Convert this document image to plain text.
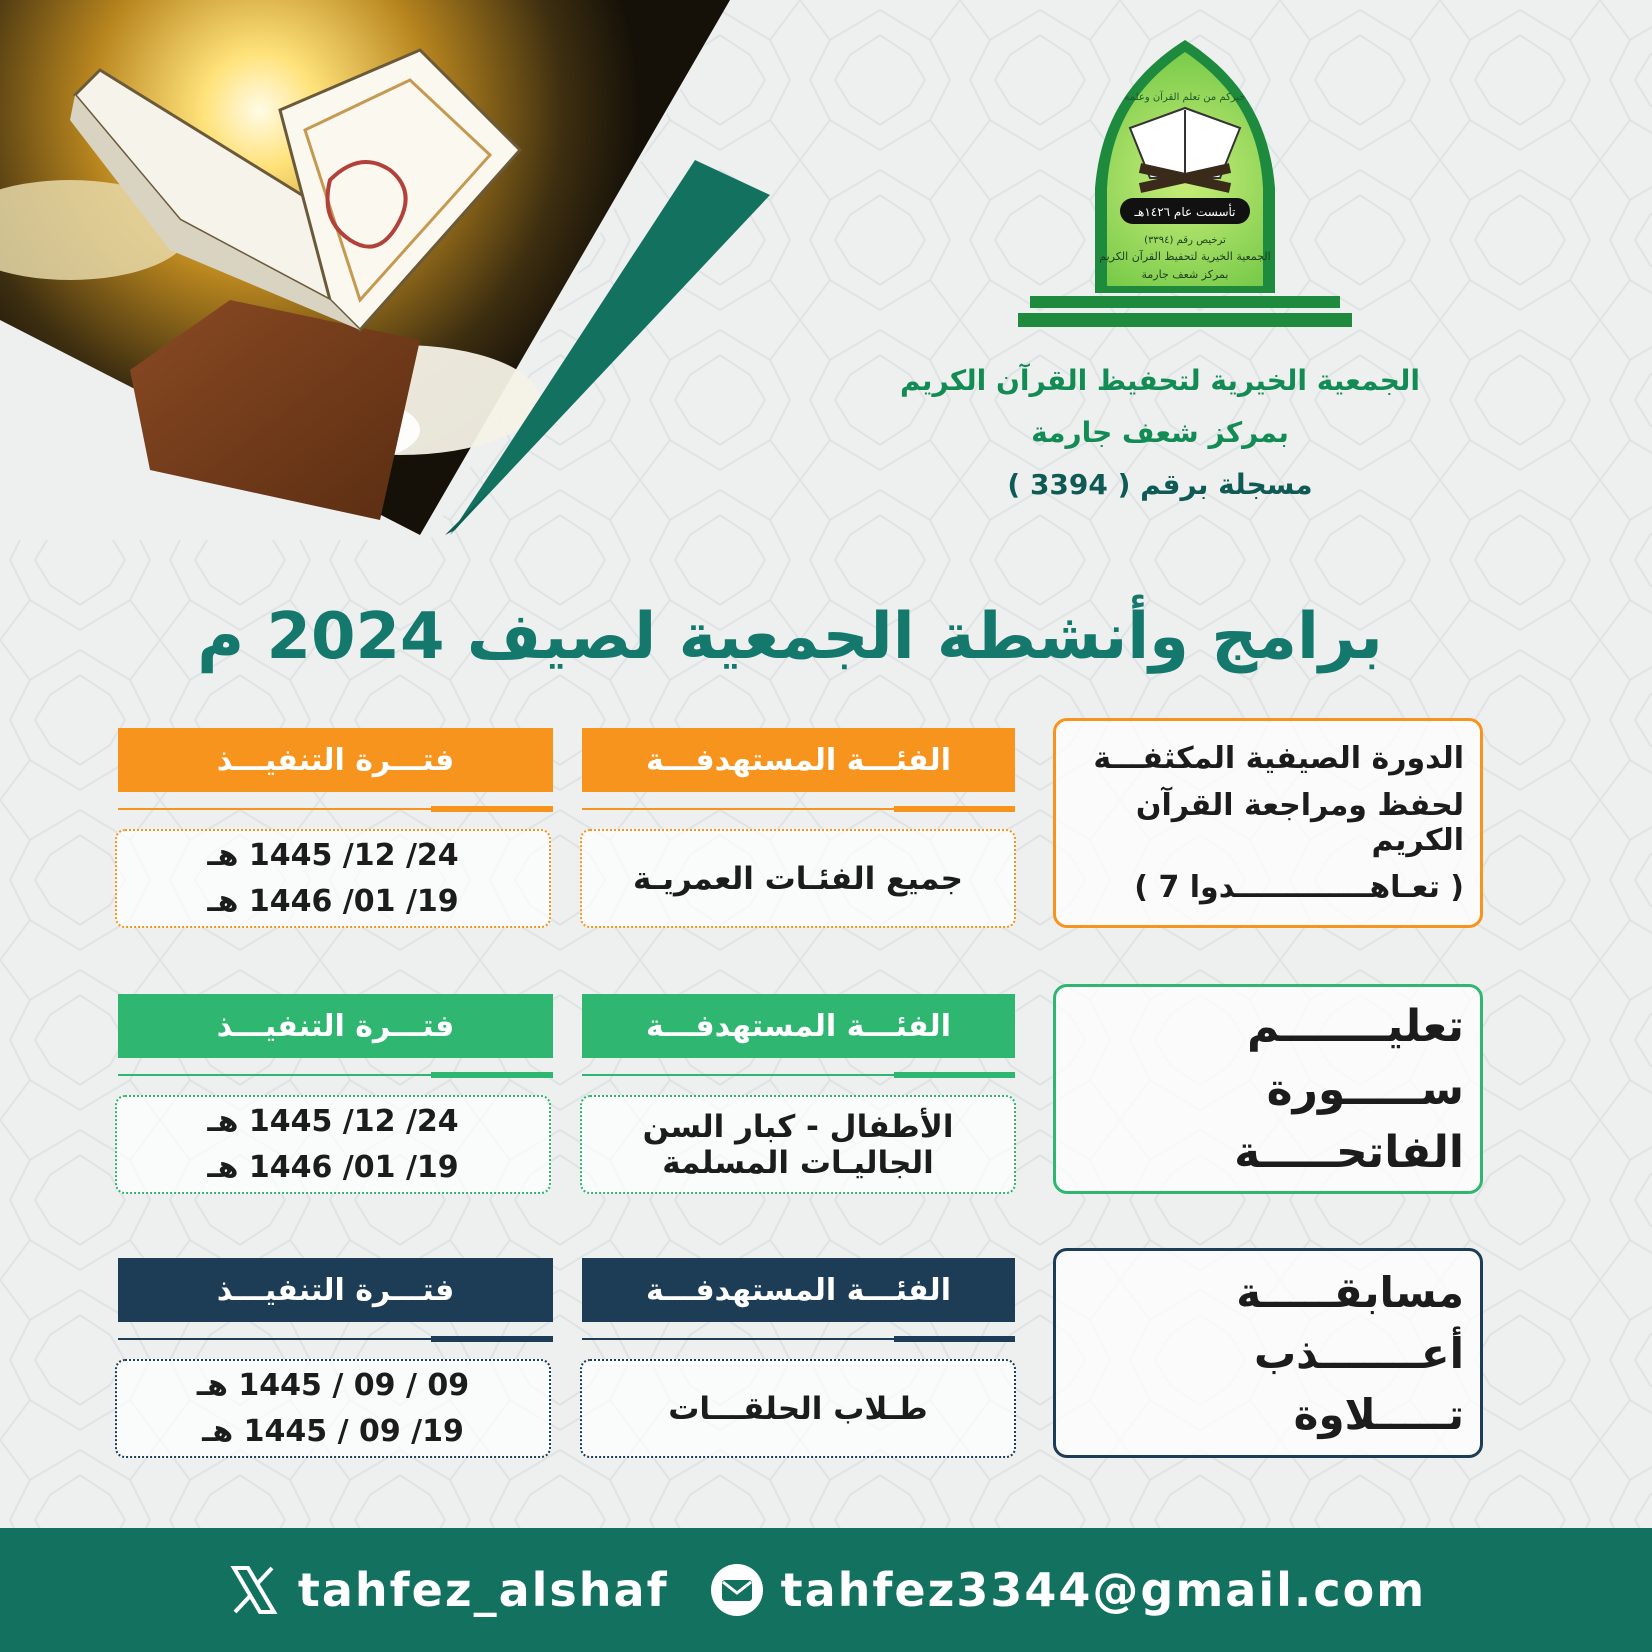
تأسست عام ١٤٢٦هـ
خيركم من تعلم القرآن وعلمه
ترخيص رقم (٣٣٩٤)
الجمعية الخيرية لتحفيظ القرآن الكريم
بمركز شعف جارمة
الجمعية الخيرية لتحفيظ القرآن الكريم
بمركز شعف جارمة
مسجلة برقم ( 3394 )
برامج وأنشطة الجمعية لصيف 2024 م
الدورة الصيفية المكثفـــة
لحفظ ومراجعة القرآن الكريم
( تعـاهـــــــــــــدوا 7 )
الفئـــة المستهدفـــة
فتـــرة التنفيـــذ
جميع الفئـات العمريـة
24/ 12/ 1445 هـ
19/ 01/ 1446 هـ
تعليـــــــم
ســـــورة
الفاتحـــــة
الفئـــة المستهدفـــة
فتـــرة التنفيـــذ
الأطفال - كبار السن
الجاليـات المسلمة
24/ 12/ 1445 هـ
19/ 01/ 1446 هـ
مسابقـــــة
أعـــــــذب
تـــــلاوة
الفئـــة المستهدفـــة
فتـــرة التنفيـــذ
طـلاب الحلقـــات
09 / 09 / 1445 هـ
19/ 09 / 1445 هـ
tahfez_alshaf tahfez3344@gmail.com
